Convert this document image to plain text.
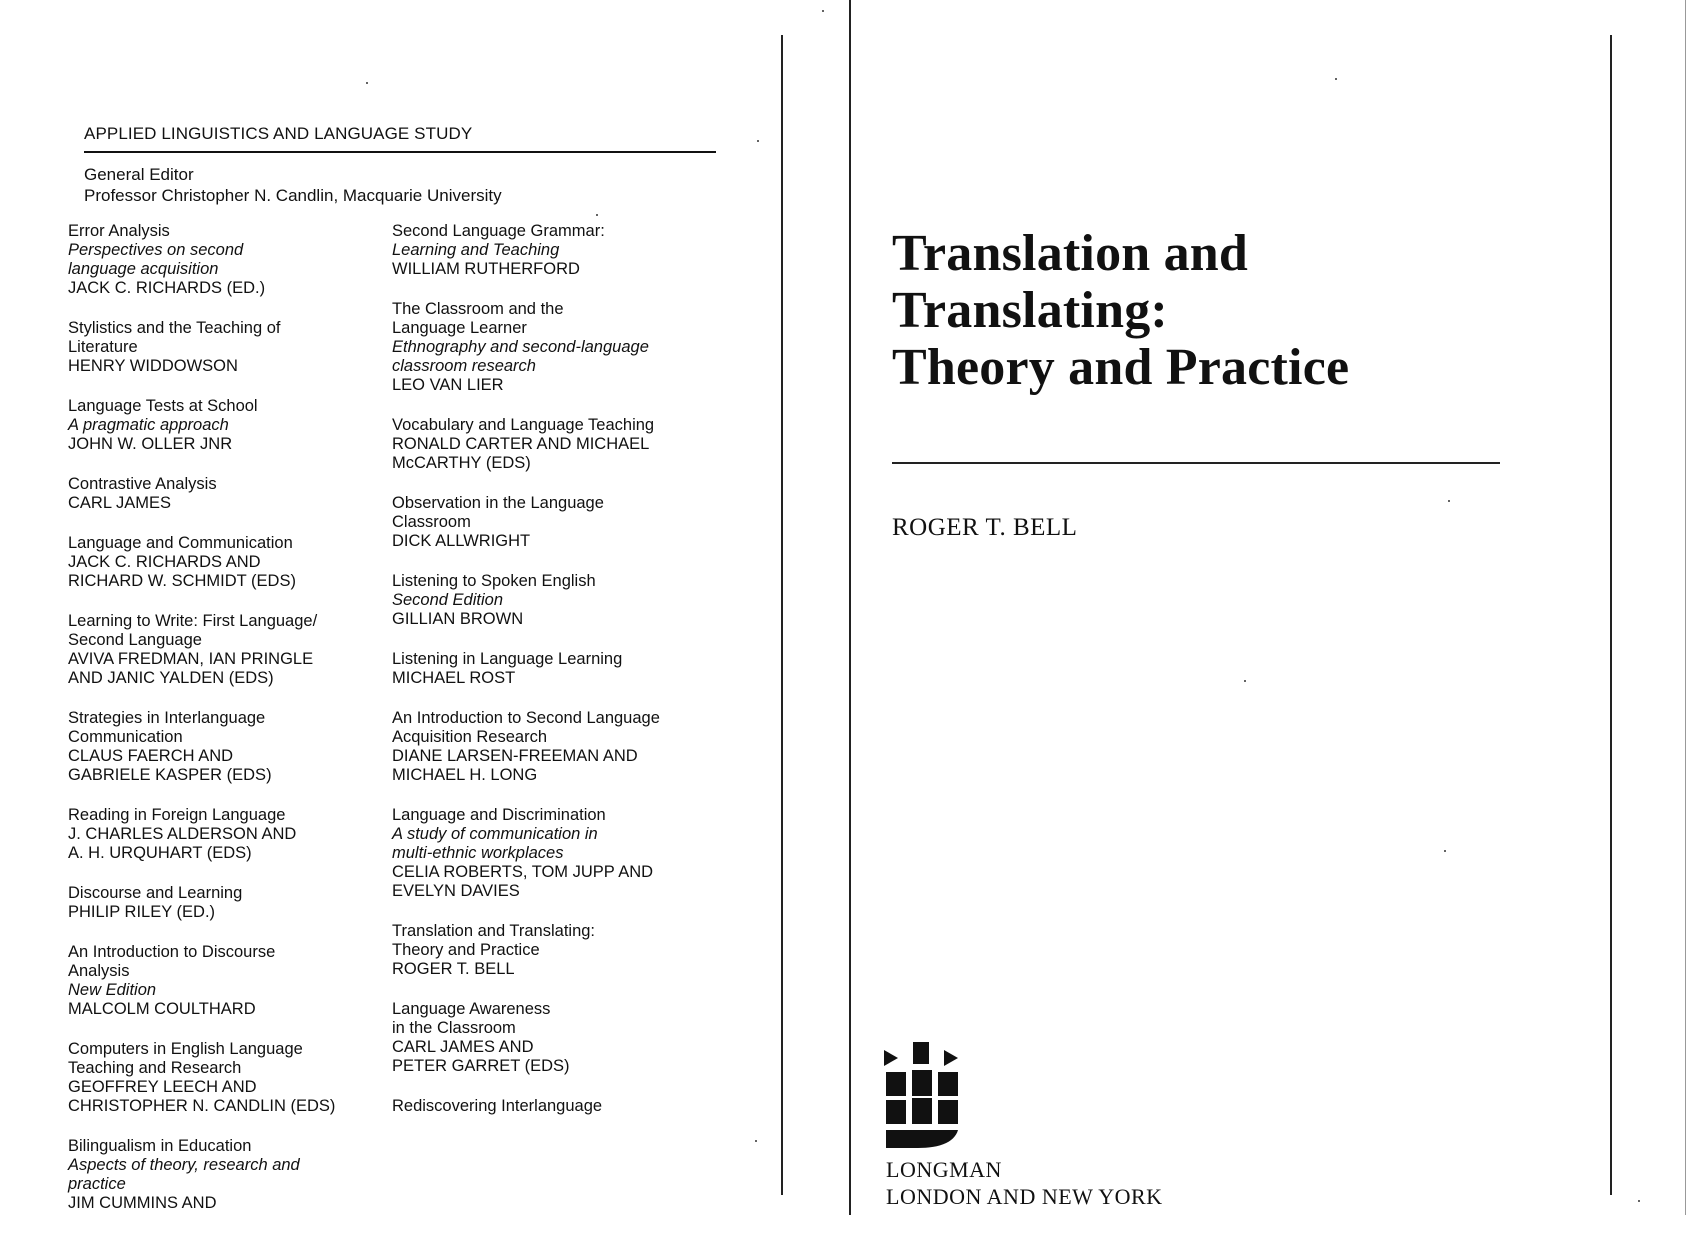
APPLIED LINGUISTICS AND LANGUAGE STUDY
General Editor
Professor Christopher N. Candlin, Macquarie University
Error Analysis
Perspectives on second
language acquisition
JACK C. RICHARDS (ED.)
Stylistics and the Teaching of
Literature
HENRY WIDDOWSON
Language Tests at School
A pragmatic approach
JOHN W. OLLER JNR
Contrastive Analysis
CARL JAMES
Language and Communication
JACK C. RICHARDS AND
RICHARD W. SCHMIDT (EDS)
Learning to Write: First Language/
Second Language
AVIVA FREDMAN, IAN PRINGLE
AND JANIC YALDEN (EDS)
Strategies in Interlanguage
Communication
CLAUS FAERCH AND
GABRIELE KASPER (EDS)
Reading in Foreign Language
J. CHARLES ALDERSON AND
A. H. URQUHART (EDS)
Discourse and Learning
PHILIP RILEY (ED.)
An Introduction to Discourse
Analysis
New Edition
MALCOLM COULTHARD
Computers in English Language
Teaching and Research
GEOFFREY LEECH AND
CHRISTOPHER N. CANDLIN (EDS)
Bilingualism in Education
Aspects of theory, research and
practice
JIM CUMMINS AND
Second Language Grammar:
Learning and Teaching
WILLIAM RUTHERFORD
The Classroom and the
Language Learner
Ethnography and second-language
classroom research
LEO VAN LIER
Vocabulary and Language Teaching
RONALD CARTER AND MICHAEL
McCARTHY (EDS)
Observation in the Language
Classroom
DICK ALLWRIGHT
Listening to Spoken English
Second Edition
GILLIAN BROWN
Listening in Language Learning
MICHAEL ROST
An Introduction to Second Language
Acquisition Research
DIANE LARSEN-FREEMAN AND
MICHAEL H. LONG
Language and Discrimination
A study of communication in
multi-ethnic workplaces
CELIA ROBERTS, TOM JUPP AND
EVELYN DAVIES
Translation and Translating:
Theory and Practice
ROGER T. BELL
Language Awareness
in the Classroom
CARL JAMES AND
PETER GARRET (EDS)
Rediscovering Interlanguage
Translation and
Translating:
Theory and Practice
ROGER T. BELL
LONGMAN
LONDON AND NEW YORK
